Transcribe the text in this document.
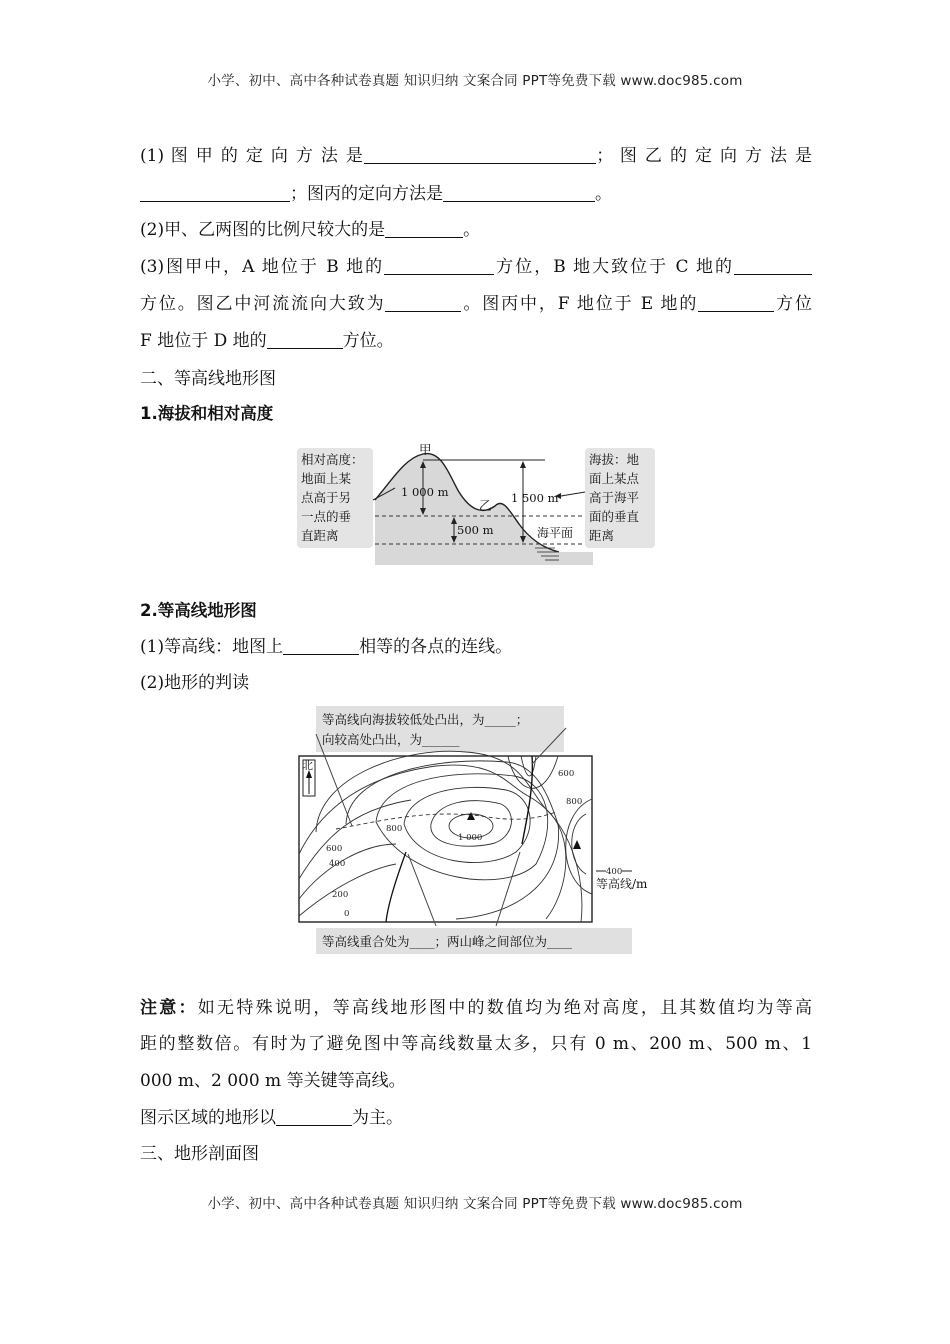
小学、初中、高中各种试卷真题 知识归纳 文案合同 PPT等免费下载 www.doc985.com
(1) 图 甲 的 定 向 方 法 是	； 图 乙 的 定 向 方 法 是
；图丙的定向方法是	。
(2)甲、乙两图的比例尺较大的是	。
(3)图甲中，A 地位于 B 地的	方位，B 地大致位于 C 地的
方位。图乙中河流流向大致为	。图丙中，F 地位于 E 地的	方位
F 地位于 D 地的	方位。
二、等高线地形图
1.海拔和相对高度
相对高度：
地面上某
点高于另
一点的垂
直距离
海拔：地
面上某点
高于海平
面的垂直
距离
甲
乙
1 000 m	1 500 m
500 m	海平面
2.等高线地形图
(1)等高线：地图上	相等的各点的连线。
(2)地形的判读
等高线向海拔较低处凸出，为_____；
向较高处凸出，为______
北
1 000
800
600
400
200
0
600
800
400
等高线/m
等高线重合处为____；两山峰之间部位为____
注意：如无特殊说明，等高线地形图中的数值均为绝对高度，且其数值均为等高
距的整数倍。有时为了避免图中等高线数量太多，只有 0 m、200 m、500 m、1
000 m、2 000 m 等关键等高线。
图示区域的地形以	为主。
三、地形剖面图
小学、初中、高中各种试卷真题 知识归纳 文案合同 PPT等免费下载 www.doc985.com
